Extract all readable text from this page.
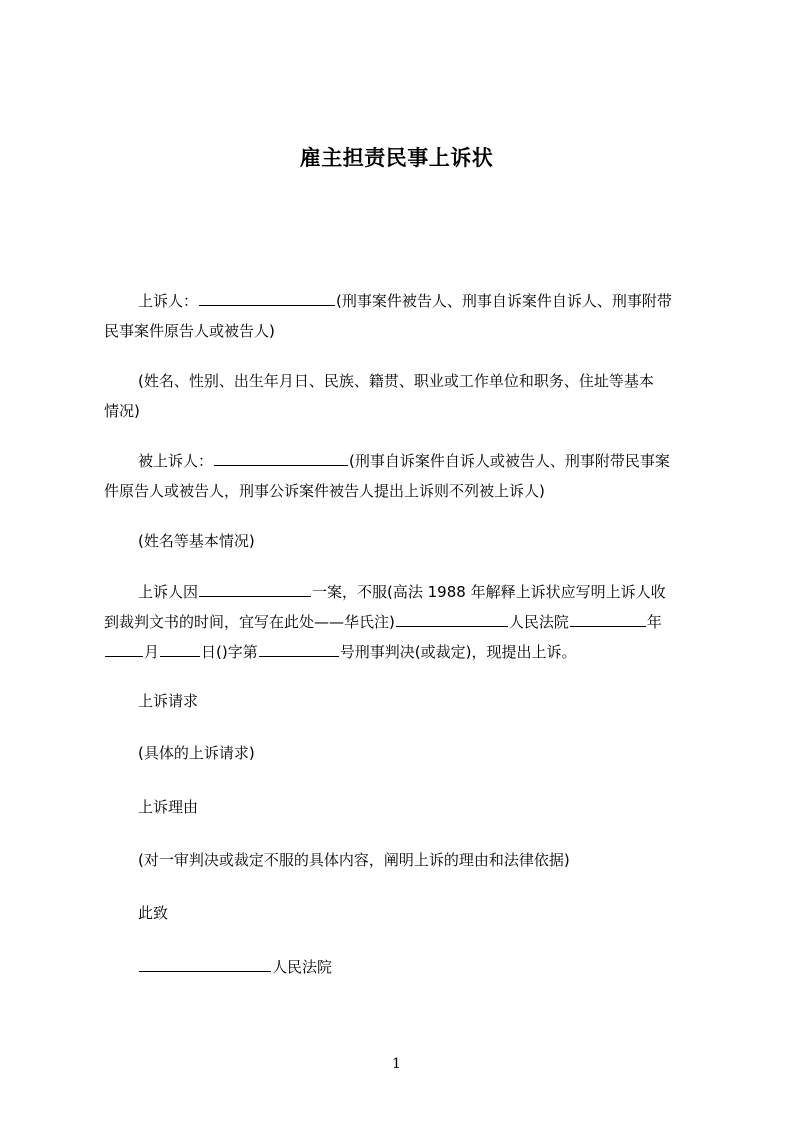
雇主担责民事上诉状
上诉人：	(刑事案件被告人、刑事自诉案件自诉人、刑事附带
民事案件原告人或被告人)
(姓名、性别、出生年月日、民族、籍贯、职业或工作单位和职务、住址等基本
情况)
被上诉人：	(刑事自诉案件自诉人或被告人、刑事附带民事案
件原告人或被告人，刑事公诉案件被告人提出上诉则不列被上诉人)
(姓名等基本情况)
上诉人因	一案，不服(高法 1988 年解释上诉状应写明上诉人收
到裁判文书的时间，宜写在此处——华氏注)	人民法院	年
月	日()字第	号刑事判决(或裁定)，现提出上诉。
上诉请求
(具体的上诉请求)
上诉理由
(对一审判决或裁定不服的具体内容，阐明上诉的理由和法律依据)
此致
人民法院
1
